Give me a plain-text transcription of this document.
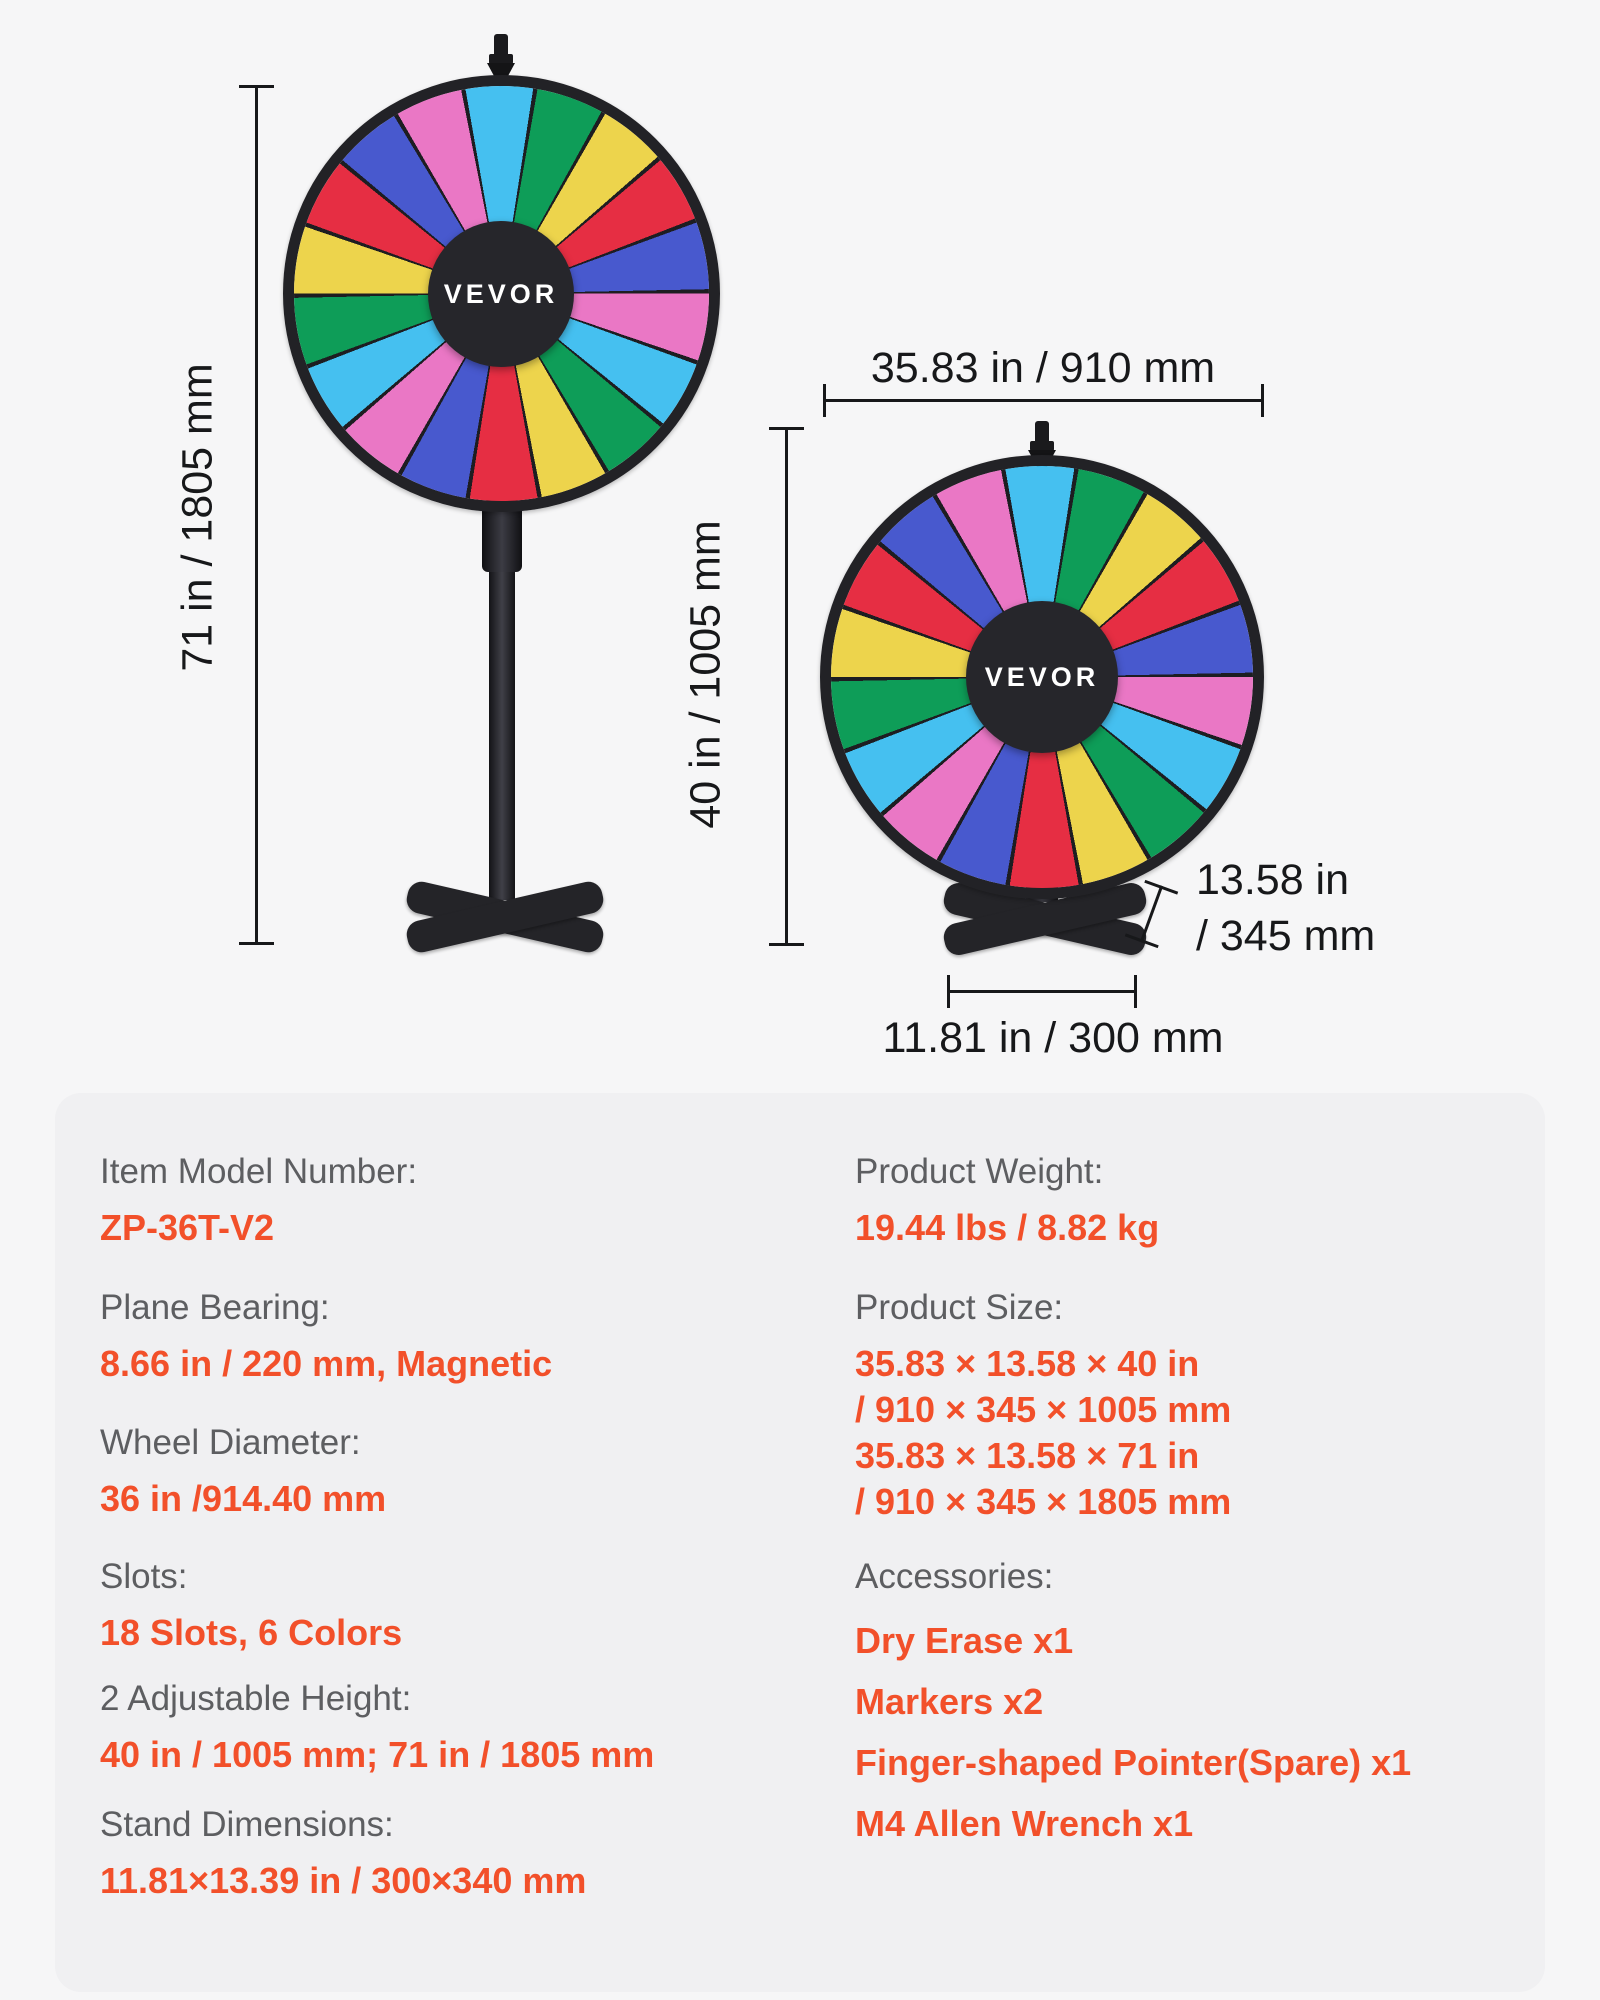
71 in / 1805 mm
VEVOR
35.83 in / 910 mm
40 in / 1005 mm	VEVOR
13.58 in
/ 345 mm
11.81 in / 300 mm
Item Model Number:
ZP-36T-V2
Plane Bearing:
8.66 in / 220 mm, Magnetic
Wheel Diameter:
36 in /914.40 mm
Slots:
18 Slots, 6 Colors
2 Adjustable Height:
40 in / 1005 mm; 71 in / 1805 mm
Stand Dimensions:
11.81×13.39 in / 300×340 mm
Product Weight:
19.44 lbs / 8.82 kg
Product Size:
35.83 × 13.58 × 40 in
/ 910 × 345 × 1005 mm
35.83 × 13.58 × 71 in
/ 910 × 345 × 1805 mm
Accessories:
Dry Erase x1
Markers x2
Finger-shaped Pointer(Spare) x1
M4 Allen Wrench x1
